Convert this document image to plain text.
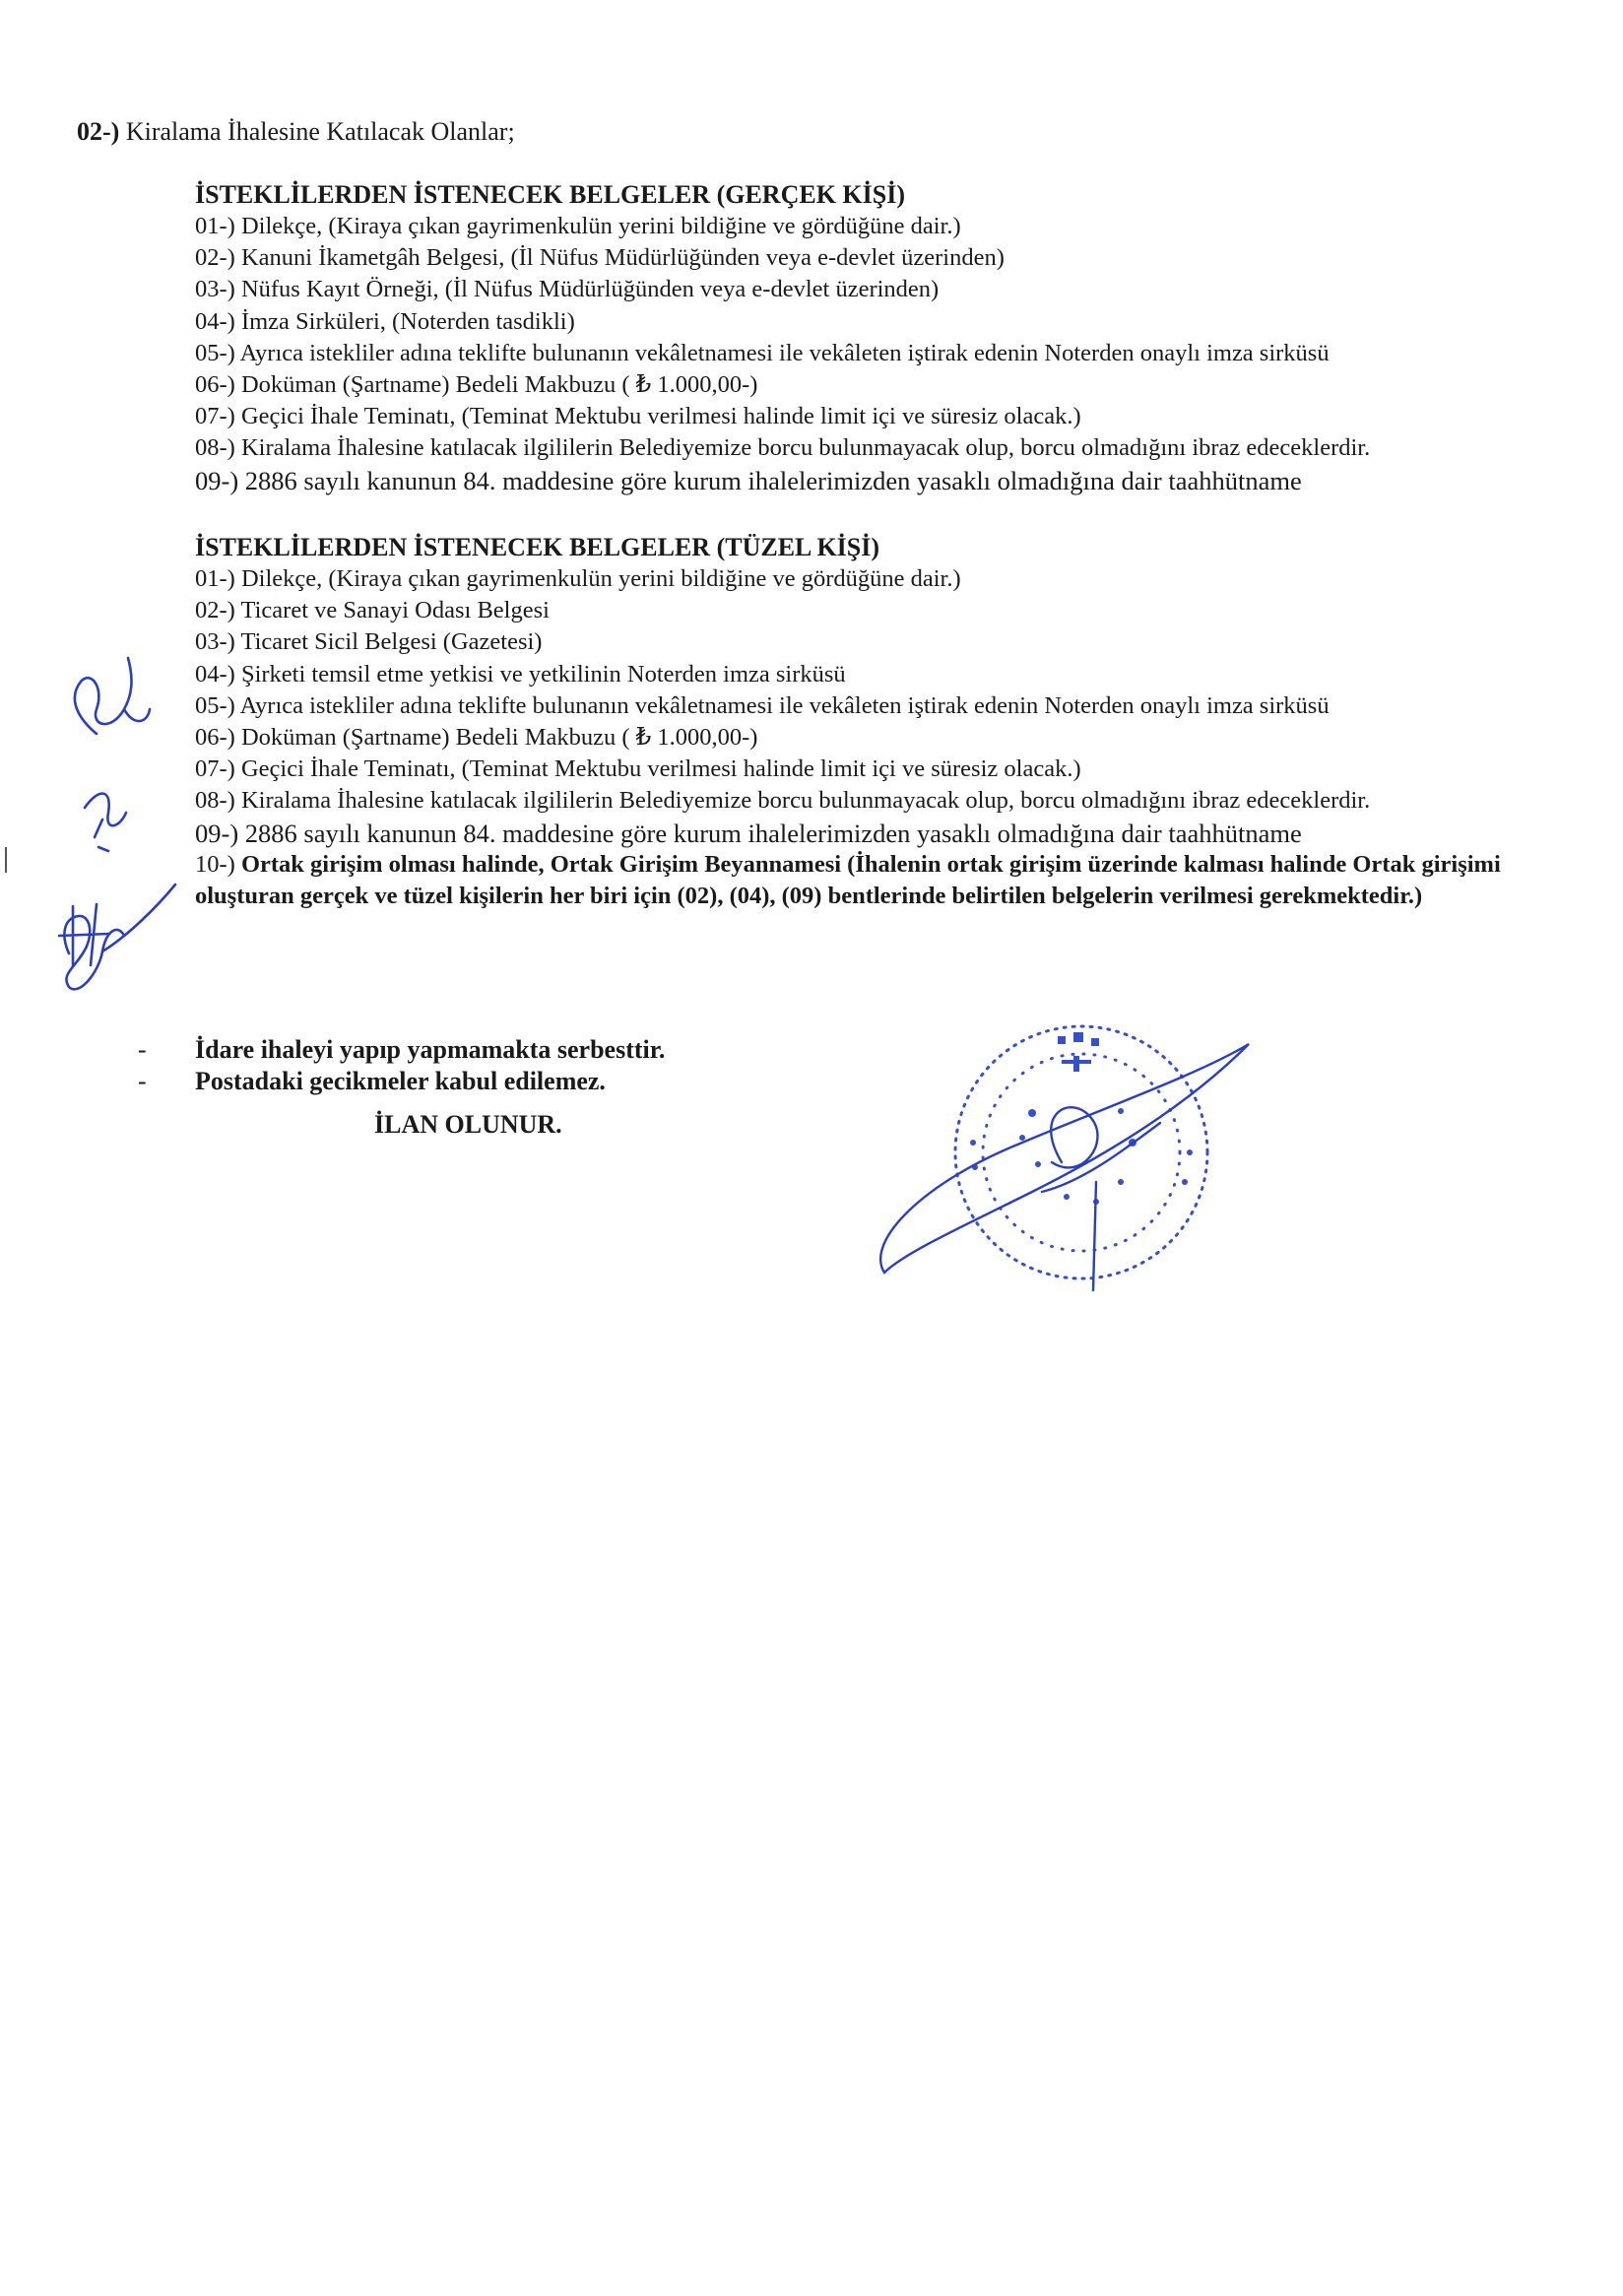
02-) Kiralama İhalesine Katılacak Olanlar;
İSTEKLİLERDEN İSTENECEK BELGELER (GERÇEK KİŞİ)
01-) Dilekçe, (Kiraya çıkan gayrimenkulün yerini bildiğine ve gördüğüne dair.)
02-) Kanuni İkametgâh Belgesi, (İl Nüfus Müdürlüğünden veya e-devlet üzerinden)
03-) Nüfus Kayıt Örneği, (İl Nüfus Müdürlüğünden veya e-devlet üzerinden)
04-) İmza Sirküleri, (Noterden tasdikli)
05-) Ayrıca istekliler adına teklifte bulunanın vekâletnamesi ile vekâleten iştirak edenin Noterden onaylı imza sirküsü
06-) Doküman (Şartname) Bedeli Makbuzu ( ₺ 1.000,00-)
07-) Geçici İhale Teminatı, (Teminat Mektubu verilmesi halinde limit içi ve süresiz olacak.)
08-) Kiralama İhalesine katılacak ilgililerin Belediyemize borcu bulunmayacak olup, borcu olmadığını ibraz edeceklerdir.
09-) 2886 sayılı kanunun 84. maddesine göre kurum ihalelerimizden yasaklı olmadığına dair taahhütname
İSTEKLİLERDEN İSTENECEK BELGELER (TÜZEL KİŞİ)
01-) Dilekçe, (Kiraya çıkan gayrimenkulün yerini bildiğine ve gördüğüne dair.)
02-) Ticaret ve Sanayi Odası Belgesi
03-) Ticaret Sicil Belgesi (Gazetesi)
04-) Şirketi temsil etme yetkisi ve yetkilinin Noterden imza sirküsü
05-) Ayrıca istekliler adına teklifte bulunanın vekâletnamesi ile vekâleten iştirak edenin Noterden onaylı imza sirküsü
06-) Doküman (Şartname) Bedeli Makbuzu ( ₺ 1.000,00-)
07-) Geçici İhale Teminatı, (Teminat Mektubu verilmesi halinde limit içi ve süresiz olacak.)
08-) Kiralama İhalesine katılacak ilgililerin Belediyemize borcu bulunmayacak olup, borcu olmadığını ibraz edeceklerdir.
09-) 2886 sayılı kanunun 84. maddesine göre kurum ihalelerimizden yasaklı olmadığına dair taahhütname
10-) Ortak girişim olması halinde, Ortak Girişim Beyannamesi (İhalenin ortak girişim üzerinde kalması halinde Ortak girişimi oluşturan gerçek ve tüzel kişilerin her biri için (02), (04), (09) bentlerinde belirtilen belgelerin verilmesi gerekmektedir.)
- İdare ihaleyi yapıp yapmamakta serbesttir.
- Postadaki gecikmeler kabul edilemez.
İLAN OLUNUR.
